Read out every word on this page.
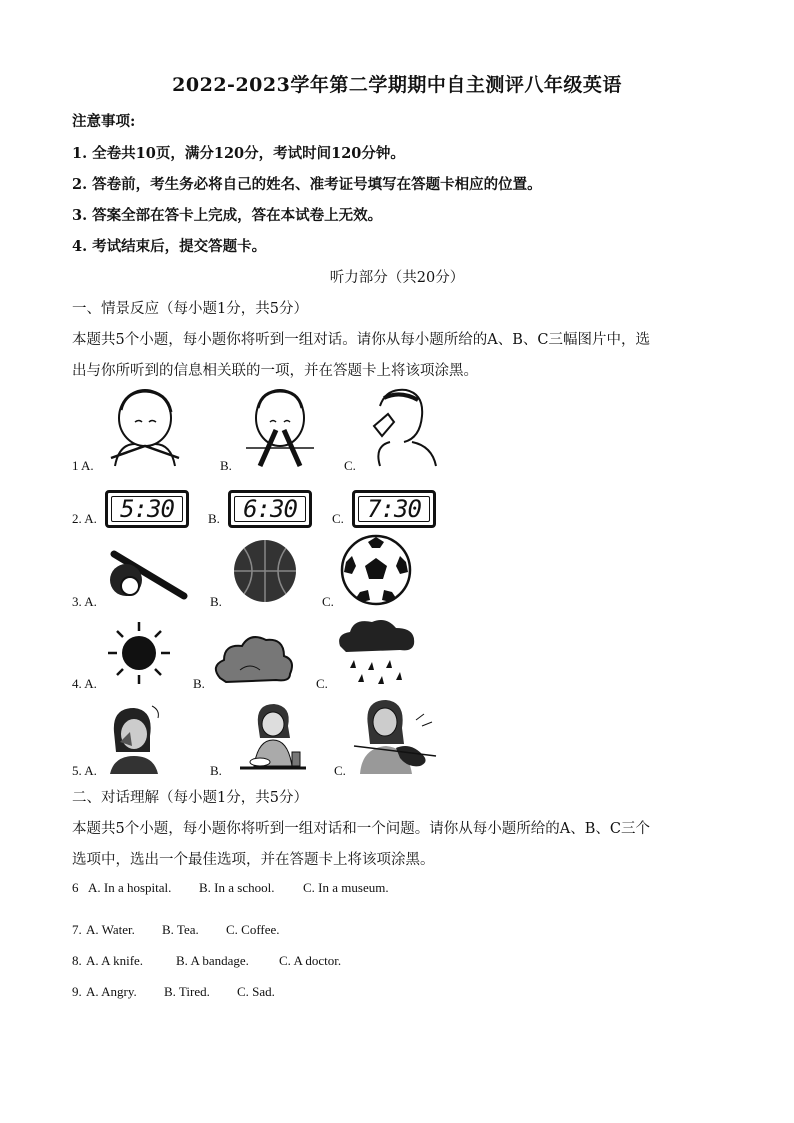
2022-2023学年第二学期期中自主测评八年级英语
注意事项:
1. 全卷共10页，满分120分，考试时间120分钟。
2. 答卷前，考生务必将自己的姓名、准考证号填写在答题卡相应的位置。
3. 答案全部在答卡上完成，答在本试卷上无效。
4. 考试结束后，提交答题卡。
听力部分（共20分）
一、情景反应（每小题1分，共5分）
本题共5个小题，每小题你将听到一组对话。请你从每小题所给的A、B、C三幅图片中，选
出与你所听到的信息相关联的一项，并在答题卡上将该项涂黑。
1 A.	B.	C.
5:30	6:30	7:30
2. A.	B.	C.
3. A.	B.	C.
4. A.	B.	C.
5. A.	B.	C.
二、对话理解（每小题1分，共5分）
本题共5个小题，每小题你将听到一组对话和一个问题。请你从每小题所给的A、B、C三个
选项中，选出一个最佳选项，并在答题卡上将该项涂黑。
6 A. In a hospital. B. In a school. C. In a museum.
7. A. Water. B. Tea. C. Coffee.
8. A. A knife.	B. A bandage. C. A doctor.
9. A. Angry. B. Tired. C. Sad.
